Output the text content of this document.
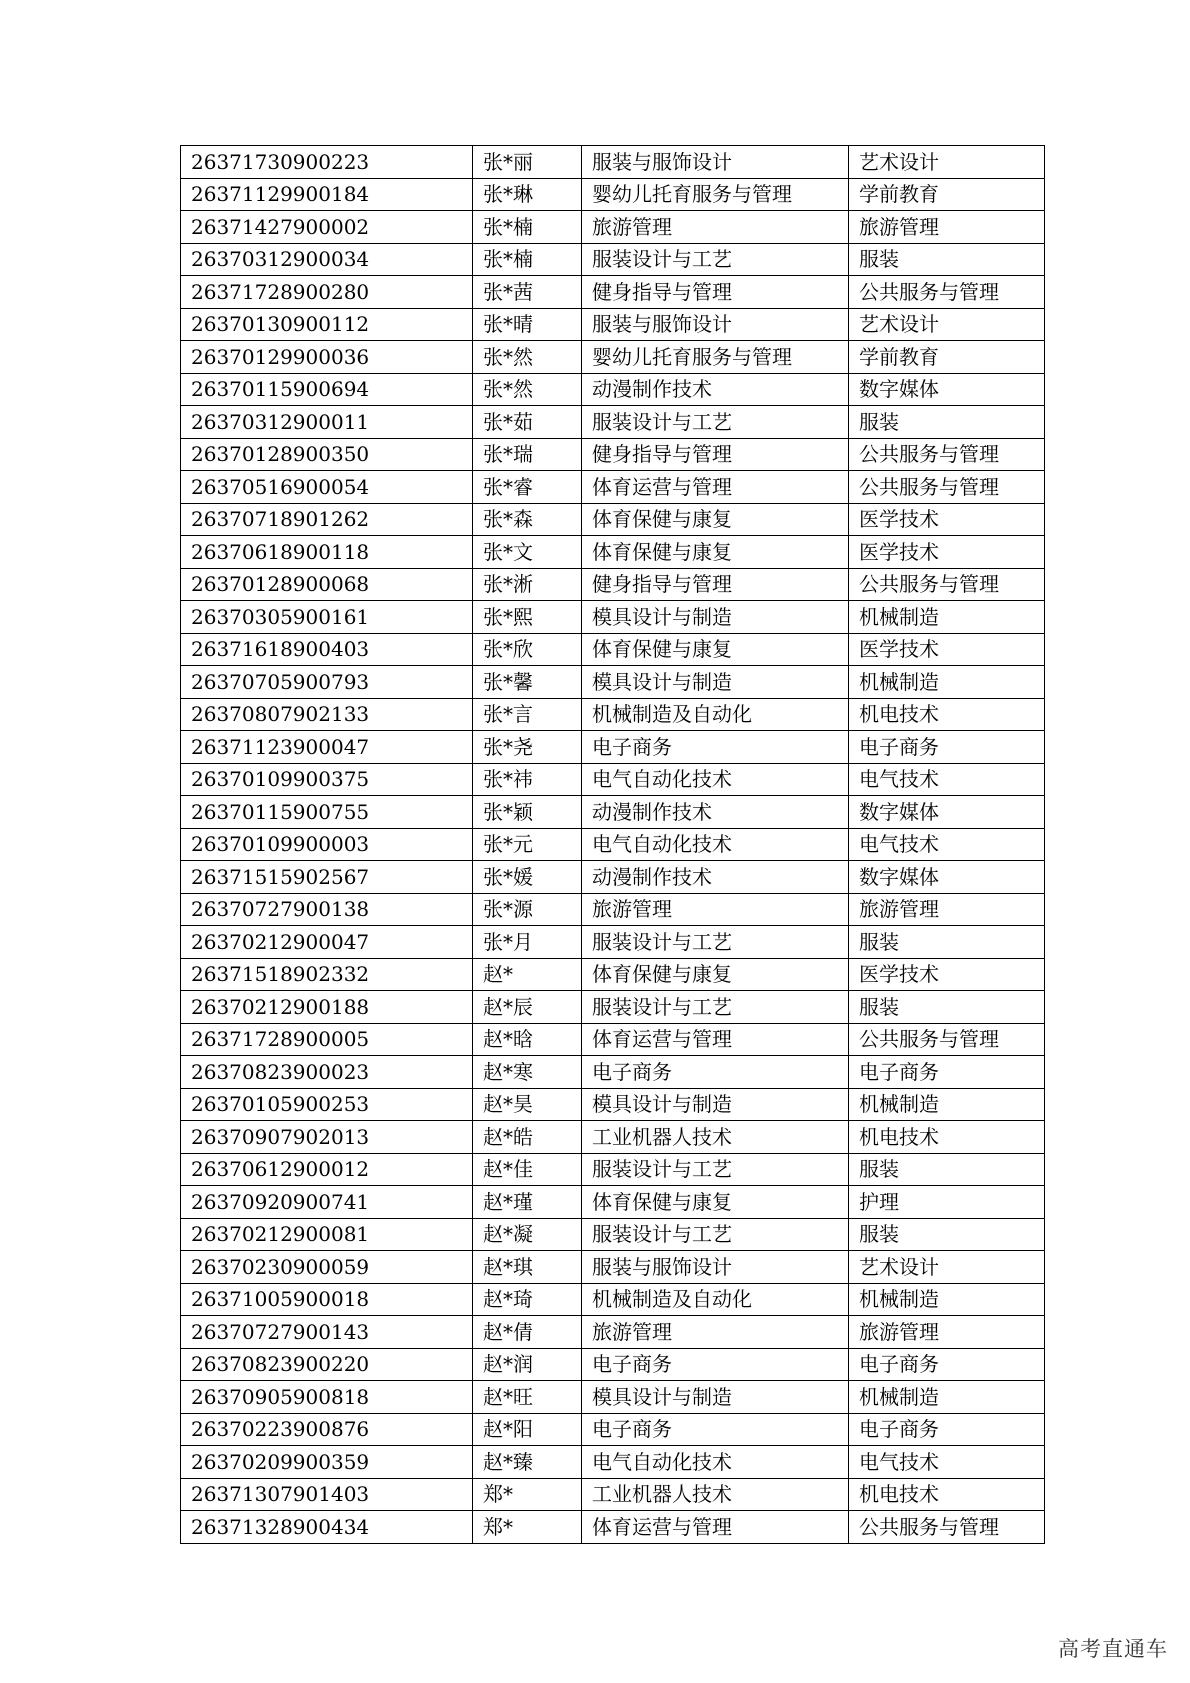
26371730900223	张*丽	服装与服饰设计	艺术设计
26371129900184	张*琳	婴幼儿托育服务与管理	学前教育
26371427900002	张*楠	旅游管理	旅游管理
26370312900034	张*楠	服装设计与工艺	服装
26371728900280	张*茜	健身指导与管理	公共服务与管理
26370130900112	张*晴	服装与服饰设计	艺术设计
26370129900036	张*然	婴幼儿托育服务与管理	学前教育
26370115900694	张*然	动漫制作技术	数字媒体
26370312900011	张*茹	服装设计与工艺	服装
26370128900350	张*瑞	健身指导与管理	公共服务与管理
26370516900054	张*睿	体育运营与管理	公共服务与管理
26370718901262	张*森	体育保健与康复	医学技术
26370618900118	张*文	体育保健与康复	医学技术
26370128900068	张*淅	健身指导与管理	公共服务与管理
26370305900161	张*熙	模具设计与制造	机械制造
26371618900403	张*欣	体育保健与康复	医学技术
26370705900793	张*馨	模具设计与制造	机械制造
26370807902133	张*言	机械制造及自动化	机电技术
26371123900047	张*尧	电子商务	电子商务
26370109900375	张*祎	电气自动化技术	电气技术
26370115900755	张*颖	动漫制作技术	数字媒体
26370109900003	张*元	电气自动化技术	电气技术
26371515902567	张*媛	动漫制作技术	数字媒体
26370727900138	张*源	旅游管理	旅游管理
26370212900047	张*月	服装设计与工艺	服装
26371518902332	赵*	体育保健与康复	医学技术
26370212900188	赵*辰	服装设计与工艺	服装
26371728900005	赵*晗	体育运营与管理	公共服务与管理
26370823900023	赵*寒	电子商务	电子商务
26370105900253	赵*昊	模具设计与制造	机械制造
26370907902013	赵*皓	工业机器人技术	机电技术
26370612900012	赵*佳	服装设计与工艺	服装
26370920900741	赵*瑾	体育保健与康复	护理
26370212900081	赵*凝	服装设计与工艺	服装
26370230900059	赵*琪	服装与服饰设计	艺术设计
26371005900018	赵*琦	机械制造及自动化	机械制造
26370727900143	赵*倩	旅游管理	旅游管理
26370823900220	赵*润	电子商务	电子商务
26370905900818	赵*旺	模具设计与制造	机械制造
26370223900876	赵*阳	电子商务	电子商务
26370209900359	赵*臻	电气自动化技术	电气技术
26371307901403	郑*	工业机器人技术	机电技术
26371328900434	郑*	体育运营与管理	公共服务与管理
高考直通车
